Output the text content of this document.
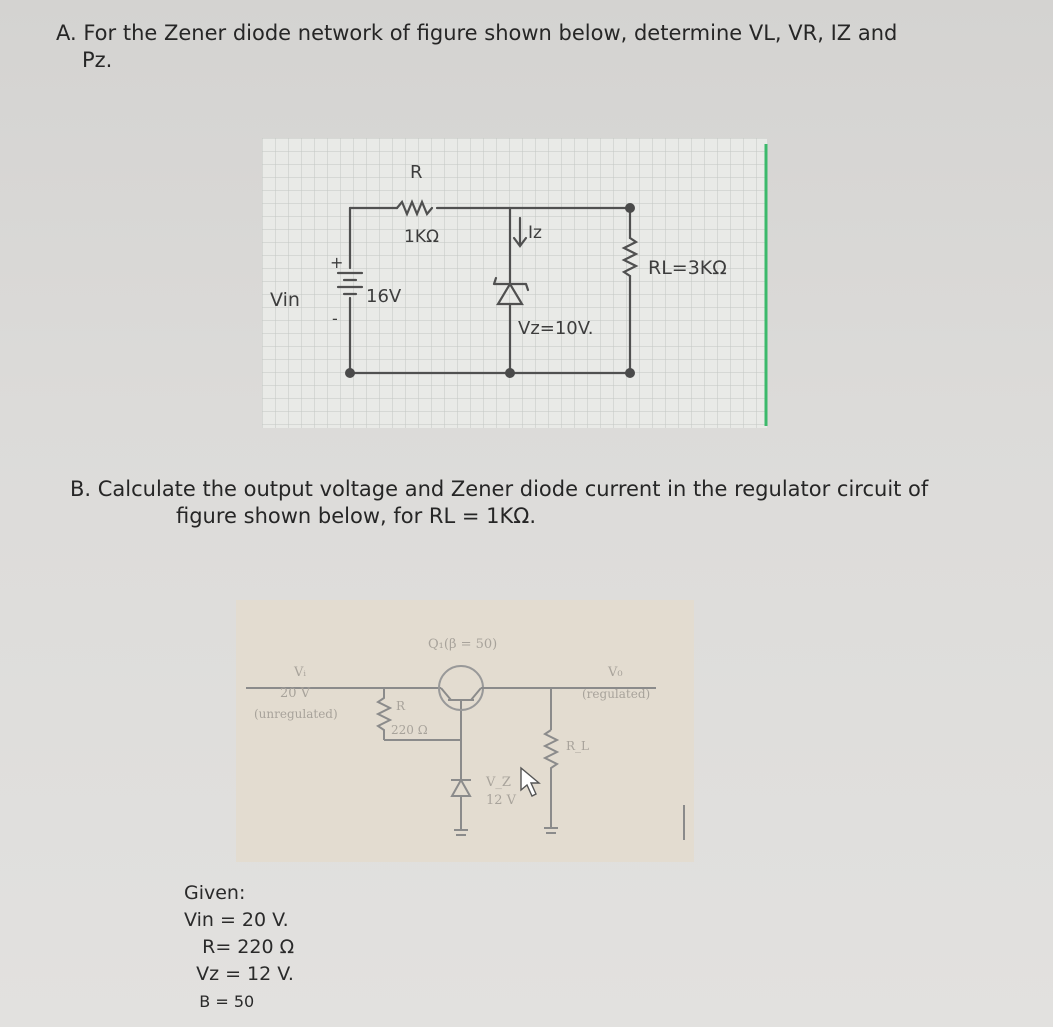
A. For the Zener diode network of figure shown below, determine VL, VR, IZ and
Pz.
R
1KΩ	Iz
RL=3KΩ
Vin
+
-
16V
Vz=10V.
B. Calculate the output voltage and Zener diode current in the regulator circuit of
figure shown below, for RL = 1KΩ.
Q₁(β = 50)
Vᵢ
20 V
(unregulated)
R
220 Ω
V₀
(regulated)
R_L
V_Z
12 V
Given:
Vin = 20 V.
R= 220 Ω
Vz = 12 V.
B = 50
